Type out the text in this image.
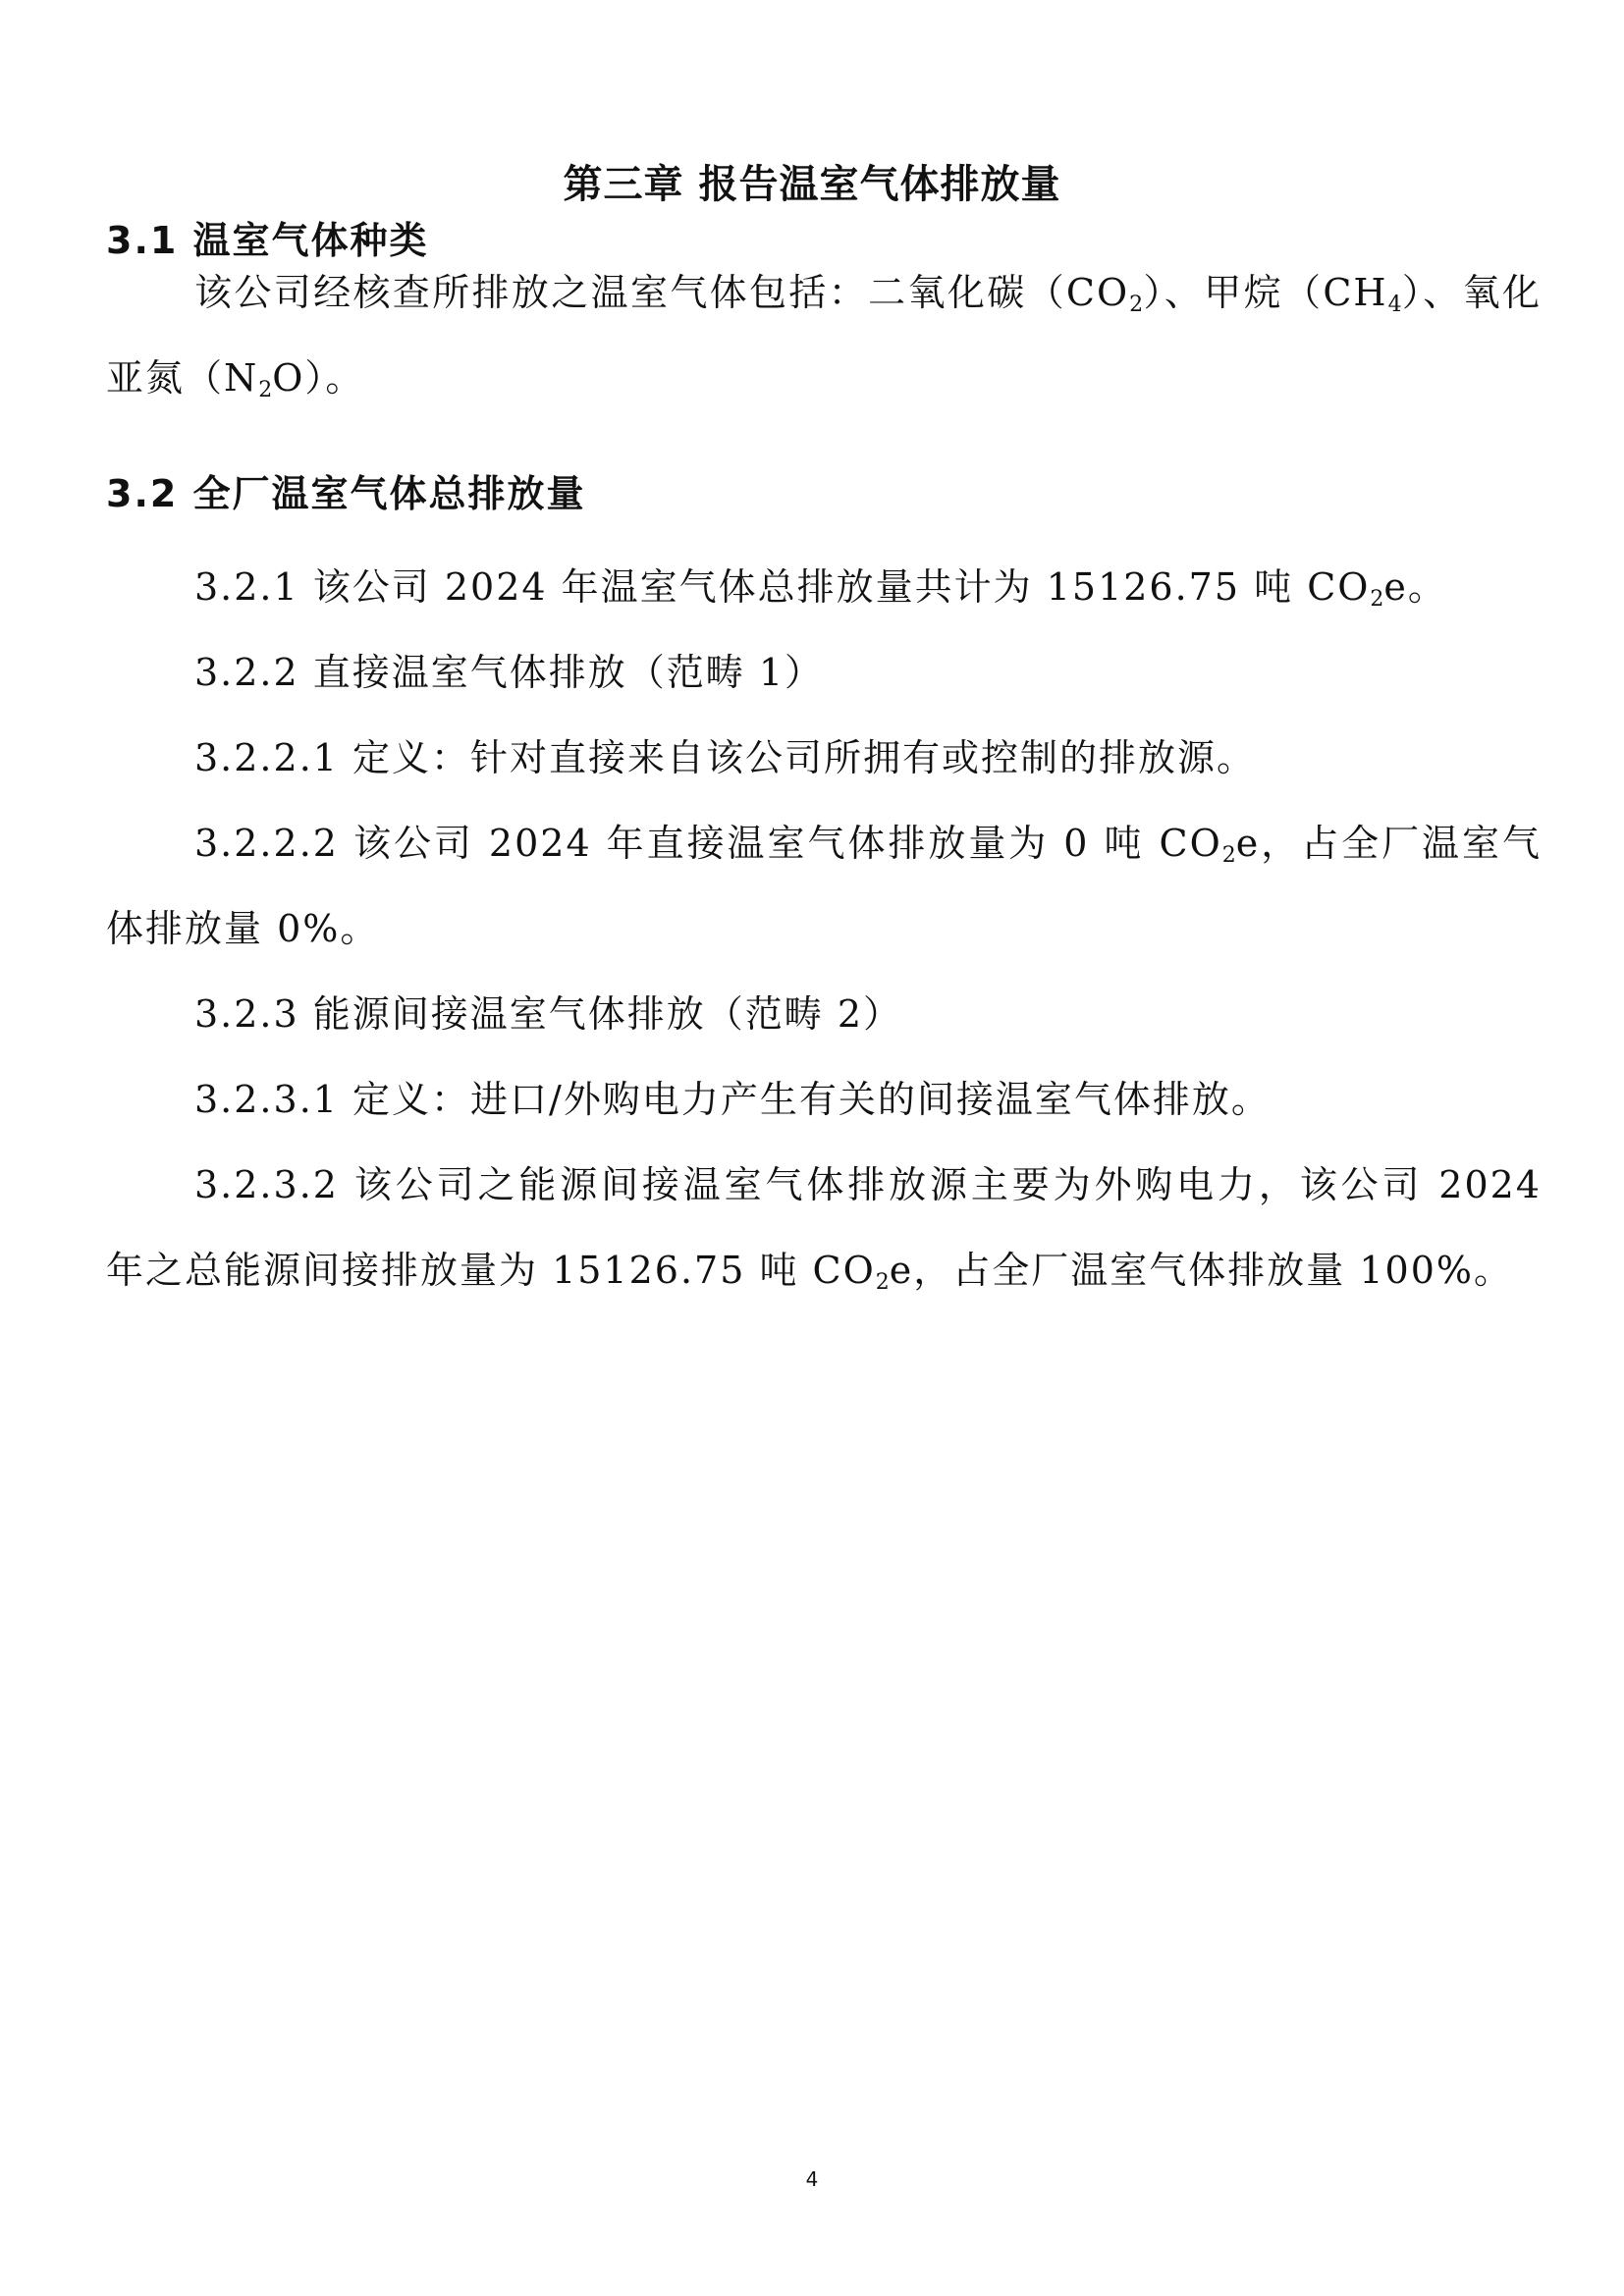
第三章 报告温室气体排放量
3.1 温室气体种类

该公司经核查所排放之温室气体包括：二氧化碳$(CO_2)$、甲烷$(CH_4)$、氧化亚氮$(N_2O)$。

3.2 全厂温室气体总排放量

3.2.1 该公司 2024 年温室气体总排放量共计为 15126.75 吨 $CO_2e$。

3.2.2 直接温室气体排放（范畴 1）

3.2.2.1 定义：针对直接来自该公司所拥有或控制的排放源。

3.2.2.2 该公司 2024 年直接温室气体排放量为 0 吨 $CO_2e$，占全厂温室气体排放量 0%。

3.2.3 能源间接温室气体排放（范畴 2）

3.2.3.1 定义：进口/外购电力产生有关的间接温室气体排放。

3.2.3.2 该公司之能源间接温室气体排放源主要为外购电力，该公司 2024 年之总能源间接排放量为 15126.75 吨 $CO_2e$，占全厂温室气体排放量 100%。

4
